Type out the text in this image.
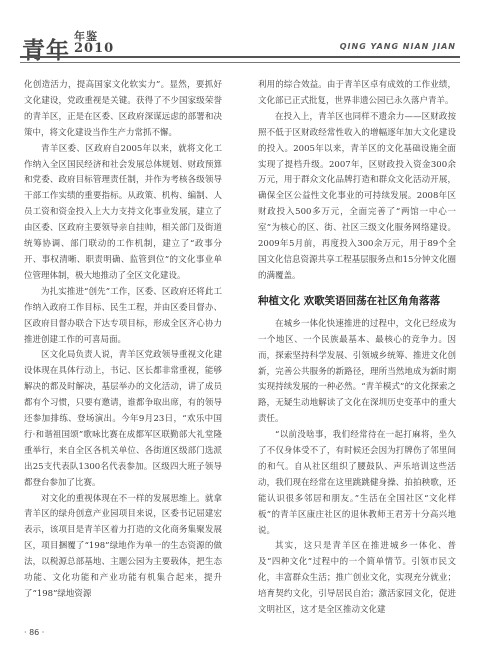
青年
年鉴
2010	QING YANG NIAN JIAN

化创造活力，提高国家文化软实力”。显然，要抓好文化建设，党政重视是关键。获得了不少国家级荣誉的青羊区，正是在区委、区政府深谋远虑的部署和决策中，将文化建设当作生产力常抓不懈。

青羊区委、区政府自2005年以来，就将文化工作纳入全区国民经济和社会发展总体规划、财政预算和党委、政府目标管理责任制，并作为考核各级领导干部工作实绩的重要指标。从政策、机构、编制、人员工资和资金投入上大力支持文化事业发展，建立了由区委、区政府主要领导亲自挂帅，相关部门及街道统筹协调、部门联动的工作机制，建立了“政事分开、事权清晰、职责明确、监管到位”的文化事业单位管理体制，极大地推动了全区文化建设。

为扎实推进“创先”工作，区委、区政府还将此工作纳入政府工作目标、民生工程，并由区委目督办、区政府目督办联合下达专项目标，形成全区齐心协力推进创建工作的可喜局面。

区文化局负责人说，青羊区党政领导重视文化建设体现在具体行动上，书记、区长都非常重视，能够解决的都及时解决，基层举办的文化活动，讲了成员都有个习惯，只要有邀请，谁都争取出席，有的领导还参加排练、登场演出。今年9月23日，“欢乐中国行·和谐祖国颂”歌咏比赛在成都军区联勤部大礼堂隆重举行，来自全区各机关单位、各街道区级部门选派出25支代表队1300名代表参加。区级四大班子领导都登台参加了比赛。

对文化的重视体现在不一样的发展思维上。就拿青羊区的绿舟创意产业园项目来说，区委书记屈建宏表示，该项目是青羊区着力打造的文化商务集聚发展区，项目捆覆了“198”绿地作为单一的生态资源的做法，以税源总部基地、主题公园为主要载体，把生态功能、文化功能和产业功能有机集合起来，提升了“198”绿地资源

利用的综合效益。由于青羊区卓有成效的工作业绩，文化部已正式批复，世界非遗公园已永久落户青羊。

在投入上，青羊区也同样不遗余力——区财政按照不低于区财政经常性收入的增幅逐年加大文化建设的投入。2005年以来，青羊区的文化基础设施全面实现了提档升级。2007年，区财政投入资金300余万元，用于群众文化品牌打造和群众文化活动开展，确保全区公益性文化事业的可持续发展。2008年区财政投入500多万元，全面完善了“两馆一中心一室”为核心的区、街、社区三级文化服务网络建设。2009年5月前，再度投入300余万元，用于89个全国文化信息资源共享工程基层服务点和15分钟文化圈的满覆盖。

种植文化 欢歌笑语回荡在社区角角落落

在城乡一体化快速推进的过程中，文化已经成为一个地区、一个民族最基本、最核心的竞争力。因而，探索坚持科学发展、引领城乡统筹、推进文化创新，完善公共服务的新路径，理所当然地成为新时期实现持续发展的一种必然。“青羊模式”的文化探索之路，无疑生动地解读了文化在深圳历史变革中的重大责任。

“以前没啥事，我们经常待在一起打麻将，坐久了不仅身体受不了，有时候还会因为打牌伤了邻里间的和气。自从社区组织了腰鼓队、声乐培训这些活动，我们现在经常在这里跳跳健身操、拍拍秧歌，还能认识很多邻居和朋友。”生活在全国社区“文化样板”的青羊区康庄社区的退休教师王君芳十分高兴地说。

其实，这只是青羊区在推进城乡一体化、普及“四种文化”过程中的一个简单情节。引领市民文化，丰富群众生活；推广创业文化，实现充分就业；培育契约文化，引导居民自治；激活家园文化，促进文明社区，这才是全区推动文化建

· 86 ·
